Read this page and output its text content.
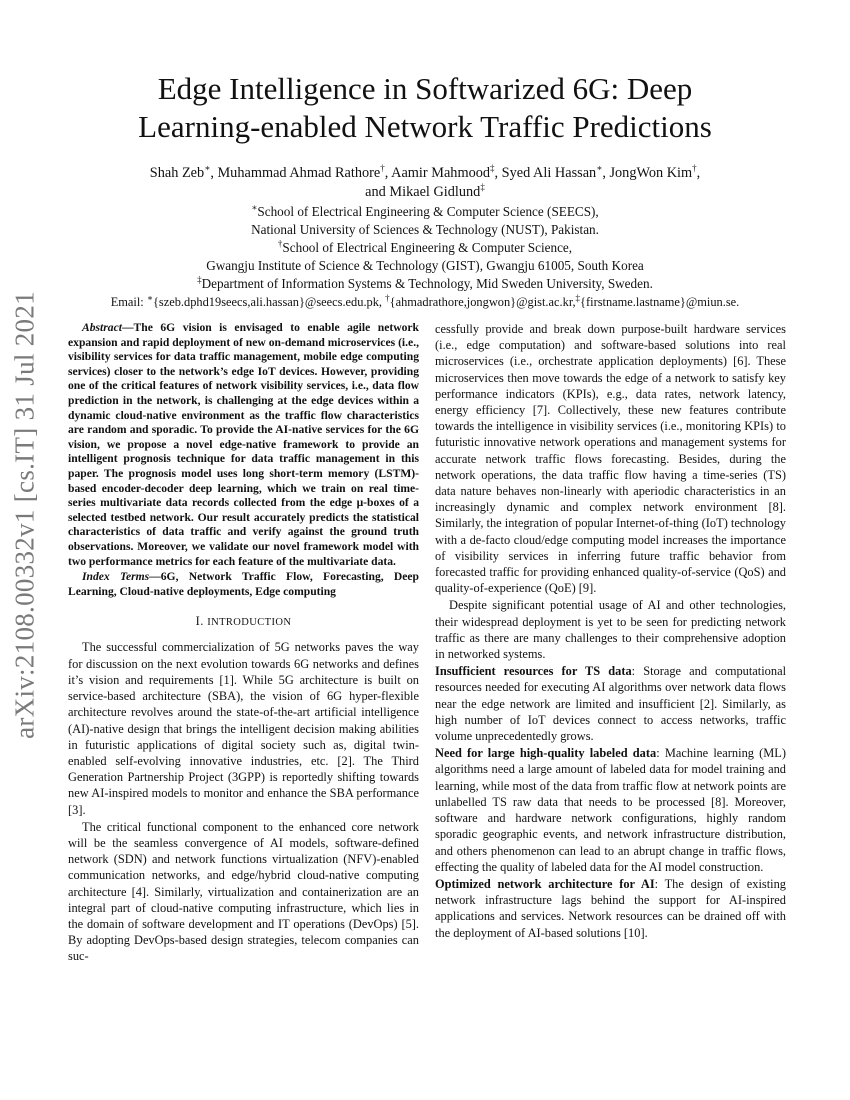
arXiv:2108.00332v1 [cs.IT] 31 Jul 2021
Edge Intelligence in Softwarized 6G: Deep
Learning-enabled Network Traffic Predictions
Shah Zeb∗, Muhammad Ahmad Rathore†, Aamir Mahmood‡, Syed Ali Hassan∗, JongWon Kim†,
and Mikael Gidlund‡
∗School of Electrical Engineering & Computer Science (SEECS),
National University of Sciences & Technology (NUST), Pakistan.
†School of Electrical Engineering & Computer Science,
Gwangju Institute of Science & Technology (GIST), Gwangju 61005, South Korea
‡Department of Information Systems & Technology, Mid Sweden University, Sweden.
Email: ∗{szeb.dphd19seecs,ali.hassan}@seecs.edu.pk, †{ahmadrathore,jongwon}@gist.ac.kr,‡{firstname.lastname}@miun.se.

Abstract—The 6G vision is envisaged to enable agile network expansion and rapid deployment of new on-demand microservices (i.e., visibility services for data traffic management, mobile edge computing services) closer to the network’s edge IoT devices. However, providing one of the critical features of network visibility services, i.e., data flow prediction in the network, is challenging at the edge devices within a dynamic cloud-native environment as the traffic flow characteristics are random and sporadic. To provide the AI-native services for the 6G vision, we propose a novel edge-native framework to provide an intelligent prognosis technique for data traffic management in this paper. The prognosis model uses long short-term memory (LSTM)-based encoder-decoder deep learning, which we train on real time-series multivariate data records collected from the edge μ-boxes of a selected testbed network. Our result accurately predicts the statistical characteristics of data traffic and verify against the ground truth observations. Moreover, we validate our novel framework model with two performance metrics for each feature of the multivariate data.

Index Terms—6G, Network Traffic Flow, Forecasting, Deep Learning, Cloud-native deployments, Edge computing

I. INTRODUCTION

The successful commercialization of 5G networks paves the way for discussion on the next evolution towards 6G networks and defines it’s vision and requirements [1]. While 5G architecture is built on service-based architecture (SBA), the vision of 6G hyper-flexible architecture revolves around the state-of-the-art artificial intelligence (AI)-native design that brings the intelligent decision making abilities in futuristic applications of digital society such as, digital twin-enabled self-evolving innovative industries, etc. [2]. The Third Generation Partnership Project (3GPP) is reportedly shifting towards new AI-inspired models to monitor and enhance the SBA performance [3].

The critical functional component to the enhanced core network will be the seamless convergence of AI models, software-defined network (SDN) and network functions virtualization (NFV)-enabled communication networks, and edge/hybrid cloud-native computing architecture [4]. Similarly, virtualization and containerization are an integral part of cloud-native computing infrastructure, which lies in the domain of software development and IT operations (DevOps) [5]. By adopting DevOps-based design strategies, telecom companies can suc-

cessfully provide and break down purpose-built hardware services (i.e., edge computation) and software-based solutions into real microservices (i.e., orchestrate application deployments) [6]. These microservices then move towards the edge of a network to satisfy key performance indicators (KPIs), e.g., data rates, network latency, energy efficiency [7]. Collectively, these new features contribute towards the intelligence in visibility services (i.e., monitoring KPIs) to futuristic innovative network operations and management systems for accurate network traffic flows forecasting. Besides, during the network operations, the data traffic flow having a time-series (TS) data nature behaves non-linearly with aperiodic characteristics in an increasingly dynamic and complex network environment [8]. Similarly, the integration of popular Internet-of-thing (IoT) technology with a de-facto cloud/edge computing model increases the importance of visibility services in inferring future traffic behavior from forecasted traffic for providing enhanced quality-of-service (QoS) and quality-of-experience (QoE) [9].

Despite significant potential usage of AI and other technologies, their widespread deployment is yet to be seen for predicting network traffic as there are many challenges to their comprehensive adoption in networked systems.

Insufficient resources for TS data: Storage and computational resources needed for executing AI algorithms over network data flows near the edge network are limited and insufficient [2]. Similarly, as high number of IoT devices connect to access networks, traffic volume unprecedentedly grows.

Need for large high-quality labeled data: Machine learning (ML) algorithms need a large amount of labeled data for model training and learning, while most of the data from traffic flow at network points are unlabelled TS raw data that needs to be processed [8]. Moreover, software and hardware network configurations, highly random sporadic geographic events, and network infrastructure distribution, and others phenomenon can lead to an abrupt change in traffic flows, effecting the quality of labeled data for the AI model construction.

Optimized network architecture for AI: The design of existing network infrastructure lags behind the support for AI-inspired applications and services. Network resources can be drained off with the deployment of AI-based solutions [10].
